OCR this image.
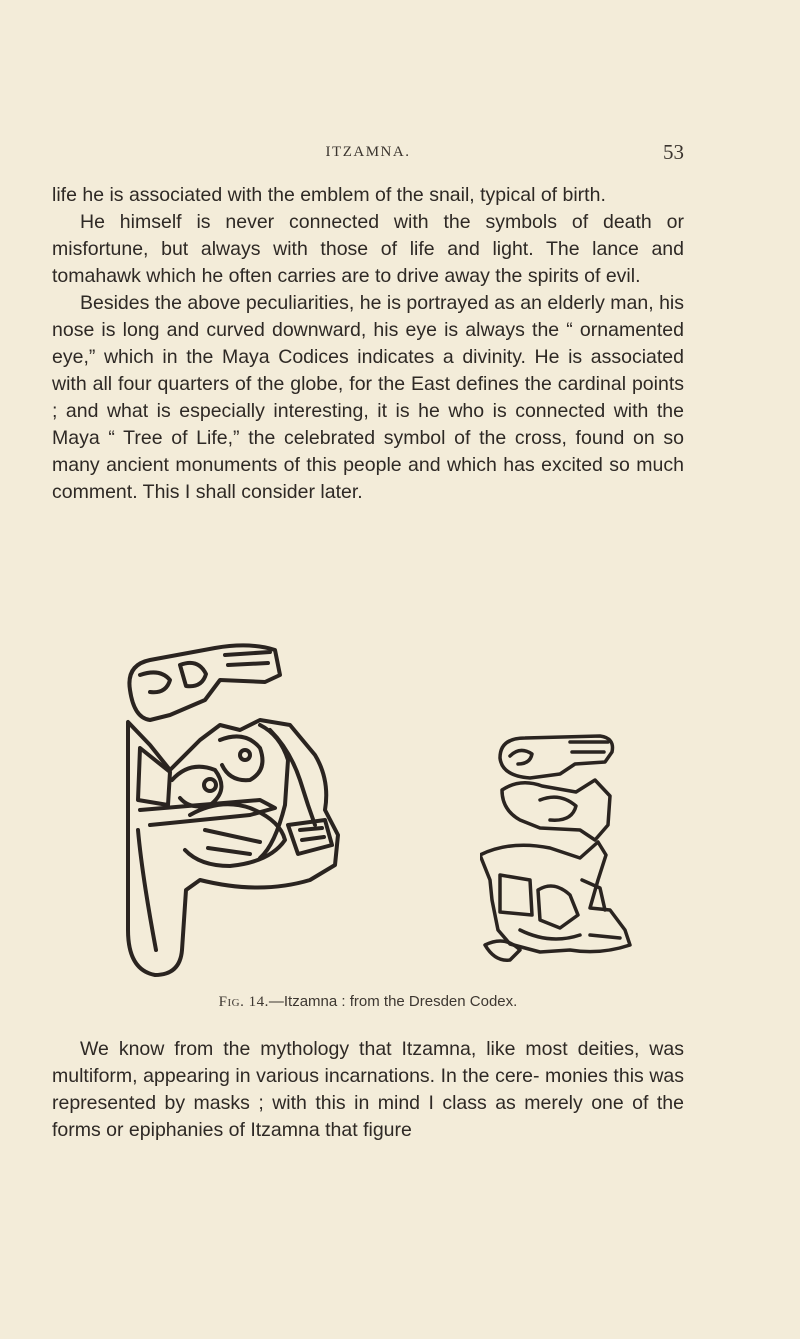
ITZAMNA.	53

life he is associated with the emblem of the snail, typical of birth.

He himself is never connected with the symbols of death or misfortune, but always with those of life and light. The lance and tomahawk which he often carries are to drive away the spirits of evil.

Besides the above peculiarities, he is portrayed as an elderly man, his nose is long and curved downward, his eye is always the “ ornamented eye,” which in the Maya Codices indicates a divinity. He is associated with all four quarters of the globe, for the East defines the cardinal points ; and what is especially interesting, it is he who is connected with the Maya “ Tree of Life,” the celebrated symbol of the cross, found on so many ancient monuments of this people and which has excited so much comment. This I shall consider later.

Fig. 14.—Itzamna : from the Dresden Codex.

We know from the mythology that Itzamna, like most deities, was multiform, appearing in various incarnations. In the cere- monies this was represented by masks ; with this in mind I class as merely one of the forms or epiphanies of Itzamna that figure
